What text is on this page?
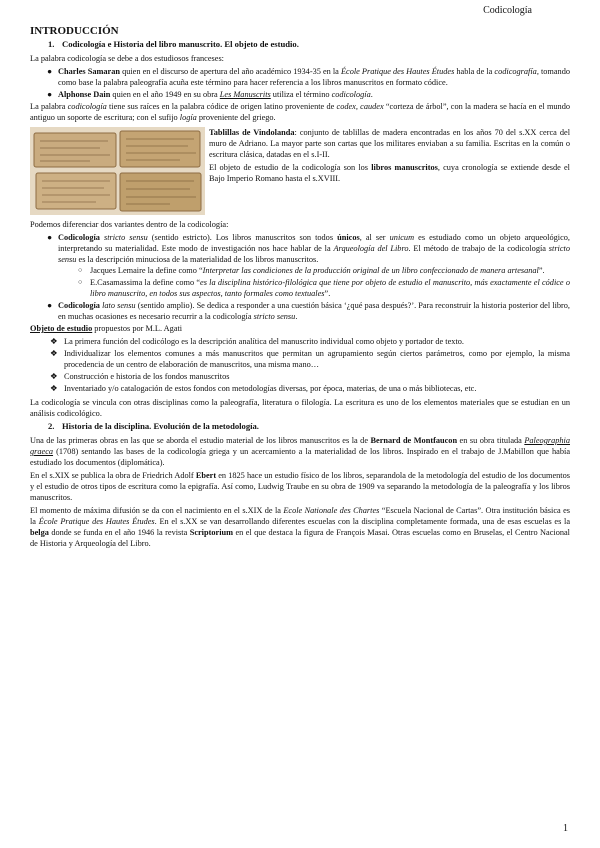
Codicología
INTRODUCCIÓN
1. Codicología e Historia del libro manuscrito. El objeto de estudio.

La palabra codicología se debe a dos estudiosos franceses:

● Charles Samaran quien en el discurso de apertura del año académico 1934-35 en la École Pratique des Hautes Études habla de la codicografía, tomando como base la palabra paleografía acuña este término para hacer referencia a los libros manuscritos en formato códice.
● Alphonse Dain quien en el año 1949 en su obra Les Manuscrits utiliza el término codicología.

La palabra codicología tiene sus raíces en la palabra códice de origen latino proveniente de codex, caudex “corteza de árbol”, con la madera se hacía en el mundo antiguo un soporte de escritura; con el sufijo logía proveniente del griego.

Tablillas de Vindolanda: conjunto de tablillas de madera encontradas en los años 70 del s.XX cerca del muro de Adriano. La mayor parte son cartas que los militares enviaban a su familia. Escritas en la común o escritura clásica, datadas en el s.I-II.

El objeto de estudio de la codicología son los libros manuscritos, cuya cronología se extiende desde el Bajo Imperio Romano hasta el s.XVIII.

Podemos diferenciar dos variantes dentro de la codicología:

● Codicología stricto sensu (sentido estricto). Los libros manuscritos son todos únicos, al ser unicum es estudiado como un objeto arqueológico, interpretando su materialidad. Este modo de investigación nos hace hablar de la Arqueología del Libro. El método de trabajo de la codicología stricto sensu es la descripción minuciosa de la materialidad de los libros manuscritos.
○ Jacques Lemaire la define como “Interpretar las condiciones de la producción original de un libro confeccionado de manera artesanal”.
○ E.Casamassima la define como “es la disciplina histórico-filológica que tiene por objeto de estudio el manuscrito, más exactamente el códice o libro manuscrito, en todos sus aspectos, tanto formales como textuales”.
● Codicología lato sensu (sentido amplio). Se dedica a responder a una cuestión básica ‘¿qué pasa después?’. Para reconstruir la historia posterior del libro, en muchas ocasiones es necesario recurrir a la codicología stricto sensu.

Objeto de estudio propuestos por M.L. Agati

❖ La primera función del codicólogo es la descripción analítica del manuscrito individual como objeto y portador de texto.
❖ Individualizar los elementos comunes a más manuscritos que permitan un agrupamiento según ciertos parámetros, como por ejemplo, la misma procedencia de un centro de elaboración de manuscritos, una misma mano…
❖ Construcción e historia de los fondos manuscritos
❖ Inventariado y/o catalogación de estos fondos con metodologías diversas, por época, materias, de una o más bibliotecas, etc.

La codicología se vincula con otras disciplinas como la paleografía, literatura o filología. La escritura es uno de los elementos materiales que se estudian en un análisis codicológico.

2. Historia de la disciplina. Evolución de la metodología.

Una de las primeras obras en las que se aborda el estudio material de los libros manuscritos es la de Bernard de Montfaucon en su obra titulada Paleographia graeca (1708) sentando las bases de la codicología griega y un acercamiento a la materialidad de los libros. Inspirado en el trabajo de J.Mabillon que había estudiado los documentos (diplomática).

En el s.XIX se publica la obra de Friedrich Adolf Ebert en 1825 hace un estudio físico de los libros, separandola de la metodología del estudio de los documentos y el estudio de otros tipos de escritura como la epigrafía. Así como, Ludwig Traube en su obra de 1909 va separando la metodología de la paleografía y los libros manuscritos.

El momento de máxima difusión se da con el nacimiento en el s.XIX de la Ecole Nationale des Chartes “Escuela Nacional de Cartas”. Otra institución básica es la École Pratique des Hautes Études. En el s.XX se van desarrollando diferentes escuelas con la disciplina completamente formada, una de esas escuelas es la belga donde se funda en el año 1946 la revista Scriptorium en el que destaca la figura de François Masai. Otras escuelas como en Bruselas, el Centro Nacional de Historia y Arqueología del Libro.

1
